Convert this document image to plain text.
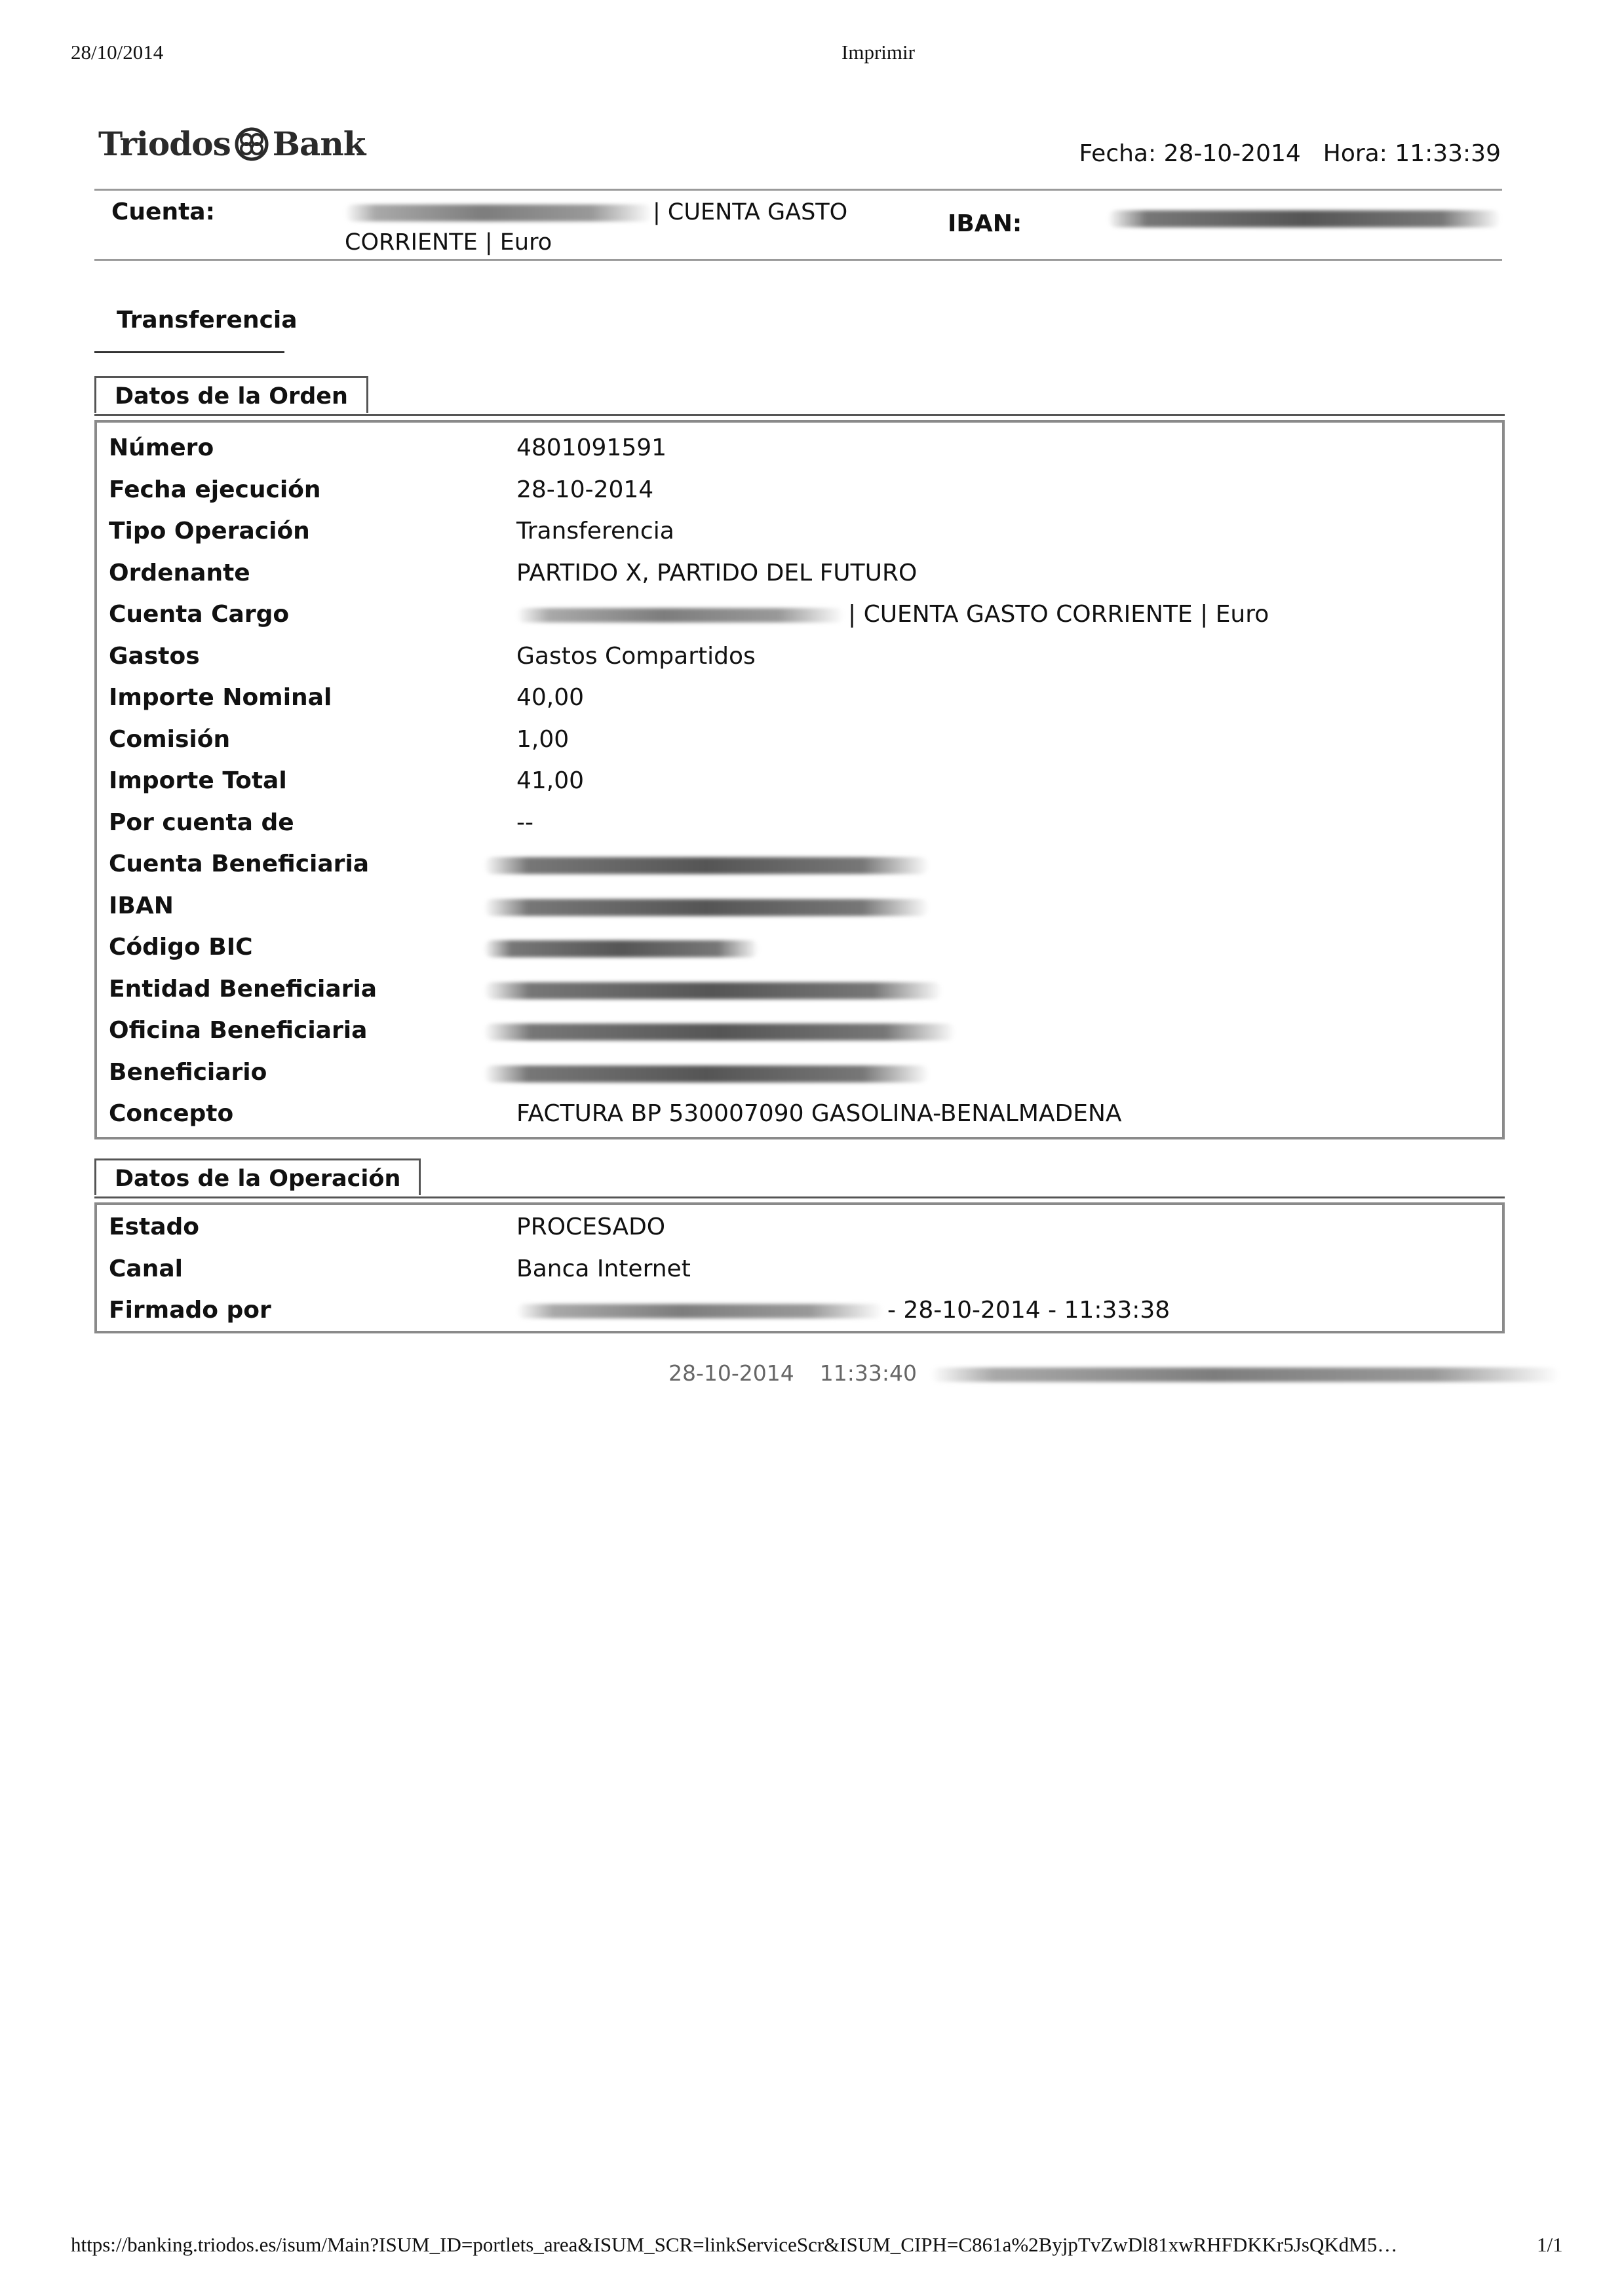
28/10/2014	Imprimir
Triodos Bank	Fecha: 28-10-2014 Hora: 11:33:39
Cuenta:	| CUENTA GASTO
CORRIENTE | Euro
IBAN:
Transferencia
Datos de la Orden
Número	4801091591
Fecha ejecución	28-10-2014
Tipo Operación	Transferencia
Ordenante	PARTIDO X, PARTIDO DEL FUTURO
Cuenta Cargo	| CUENTA GASTO CORRIENTE | Euro
Gastos	Gastos Compartidos
Importe Nominal	40,00
Comisión	1,00
Importe Total	41,00
Por cuenta de	--
Cuenta Beneficiaria
IBAN
Código BIC
Entidad Beneficiaria
Oficina Beneficiaria
Beneficiario
Concepto	FACTURA BP 530007090 GASOLINA-BENALMADENA
Datos de la Operación
Estado	PROCESADO
Canal	Banca Internet
Firmado por	- 28-10-2014 - 11:33:38
28-10-2014 11:33:40
https://banking.triodos.es/isum/Main?ISUM_ID=portlets_area&ISUM_SCR=linkServiceScr&ISUM_CIPH=C861a%2ByjpTvZwDl81xwRHFDKKr5JsQKdM5…	1/1
